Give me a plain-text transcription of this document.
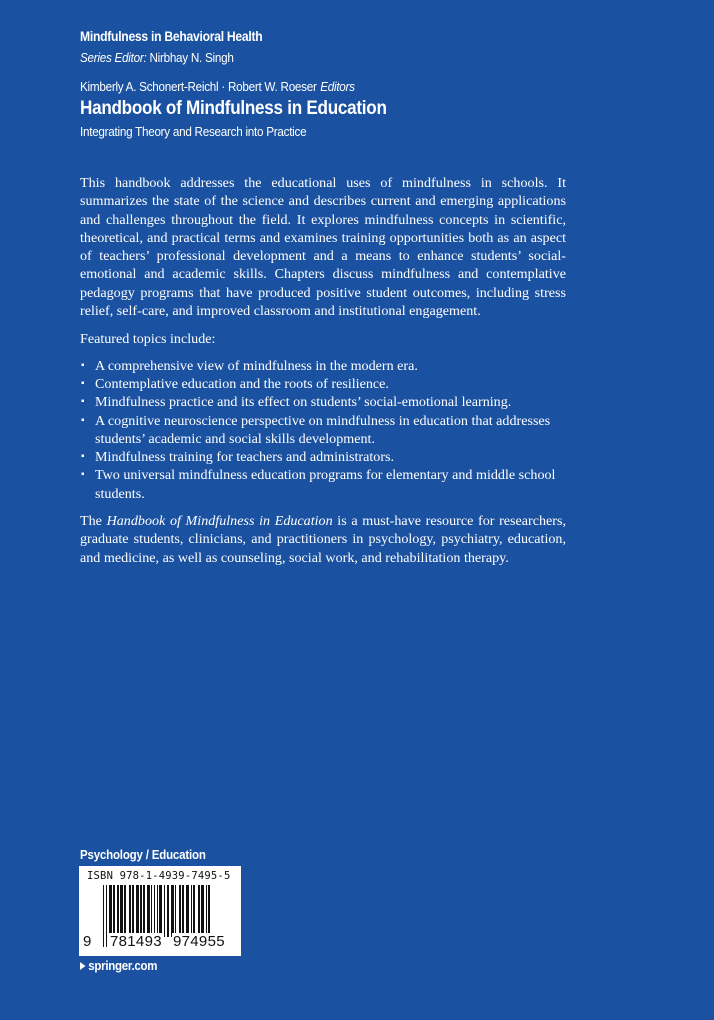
Mindfulness in Behavioral Health
Series Editor: Nirbhay N. Singh
Kimberly A. Schonert-Reichl · Robert W. Roeser Editors
Handbook of Mindfulness in Education
Integrating Theory and Research into Practice

This handbook addresses the educational uses of mindfulness in schools. It summarizes the state of the science and describes current and emerging applications and challenges throughout the field. It explores mindfulness concepts in scientific, theoretical, and practical terms and examines training opportunities both as an aspect of teachers’ professional development and a means to enhance students’ social-emotional and academic skills. Chapters discuss mindfulness and contemplative pedagogy programs that have produced positive student outcomes, including stress relief, self-care, and improved classroom and institutional engagement.

Featured topics include:

▪ A comprehensive view of mindfulness in the modern era.
▪ Contemplative education and the roots of resilience.
▪ Mindfulness practice and its effect on students’ social-emotional learning.
▪ A cognitive neuroscience perspective on mindfulness in education that addresses students’ academic and social skills development.
▪ Mindfulness training for teachers and administrators.
▪ Two universal mindfulness education programs for elementary and middle school students.

The Handbook of Mindfulness in Education is a must-have resource for researchers, graduate students, clinicians, and practitioners in psychology, psychiatry, education, and medicine, as well as counseling, social work, and rehabilitation therapy.

Psychology / Education
ISBN 978-1-4939-7495-5
9 781493 974955
springer.com
